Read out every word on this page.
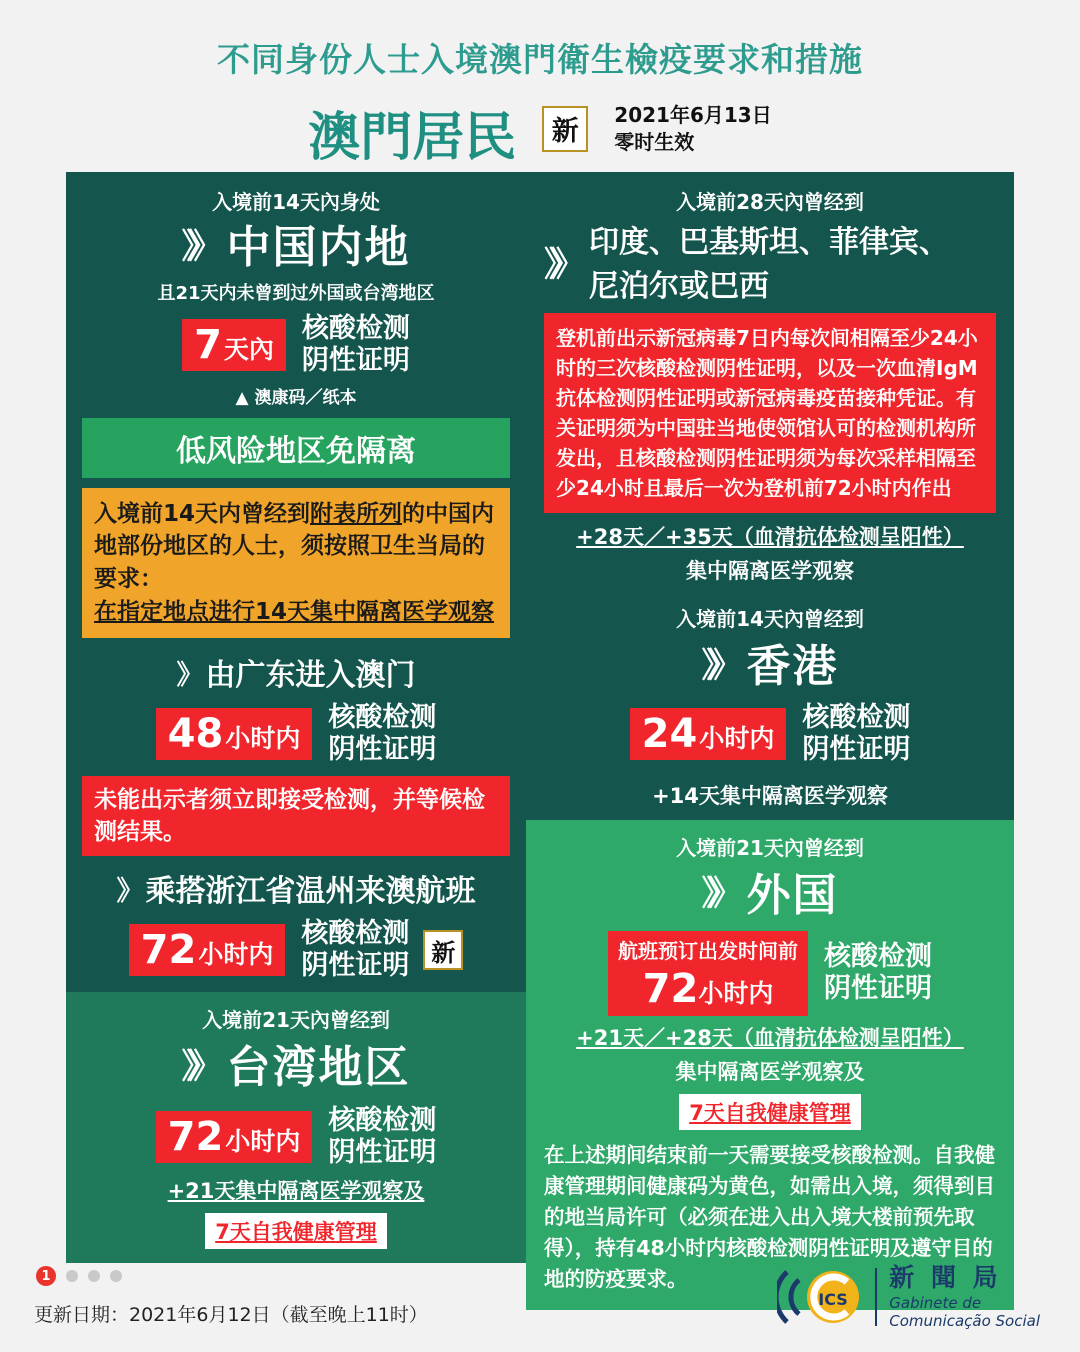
不同身份人士入境澳門衛生檢疫要求和措施
澳門居民	新
2021年6月13日
零时生效
入境前14天內身处
》》 中国内地
且21天内未曾到过外国或台湾地区
7 天內
核酸检测
阴性证明
▲ 澳康码／纸本
低风险地区免隔离
入境前14天内曾经到附表所列的中国内地部份地区的人士，须按照卫生当局的要求：
在指定地点进行14天集中隔离医学观察
》 由广东进入澳门
48 小时内
核酸检测
阴性证明
未能出示者须立即接受检测，并等候检测结果。
》 乘搭浙江省温州来澳航班
72 小时内
核酸检测
阴性证明 新
入境前21天內曾经到
》》 台湾地区
72 小时内
核酸检测
阴性证明
+21天集中隔离医学观察及
7天自我健康管理
入境前28天內曾经到
》》
印度、巴基斯坦、菲律宾、
尼泊尔或巴西
登机前出示新冠病毒7日内每次间相隔至少24小时的三次核酸检测阴性证明，以及一次血清IgM抗体检测阴性证明或新冠病毒疫苗接种凭证。有关证明须为中国驻当地使领馆认可的检测机构所发出，且核酸检测阴性证明须为每次采样相隔至少24小时且最后一次为登机前72小时内作出
+28天／+35天（血清抗体检测呈阳性）
集中隔离医学观察
入境前14天內曾经到
》》 香港
24 小时内
核酸检测
阴性证明
+14天集中隔离医学观察
入境前21天內曾经到
》》 外国
航班预订出发时间前
72小时内
核酸检测
阴性证明
+21天／+28天（血清抗体检测呈阳性）
集中隔离医学观察及
7天自我健康管理
在上述期间结束前一天需要接受核酸检测。自我健康管理期间健康码为黄色，如需出入境，须得到目的地当局许可（必须在进入出入境大楼前预先取得），持有48小时内核酸检测阴性证明及遵守目的地的防疫要求。
1
更新日期：2021年6月12日（截至晚上11时）
ICS
新 聞 局
Gabinete de
Comunicação Social
